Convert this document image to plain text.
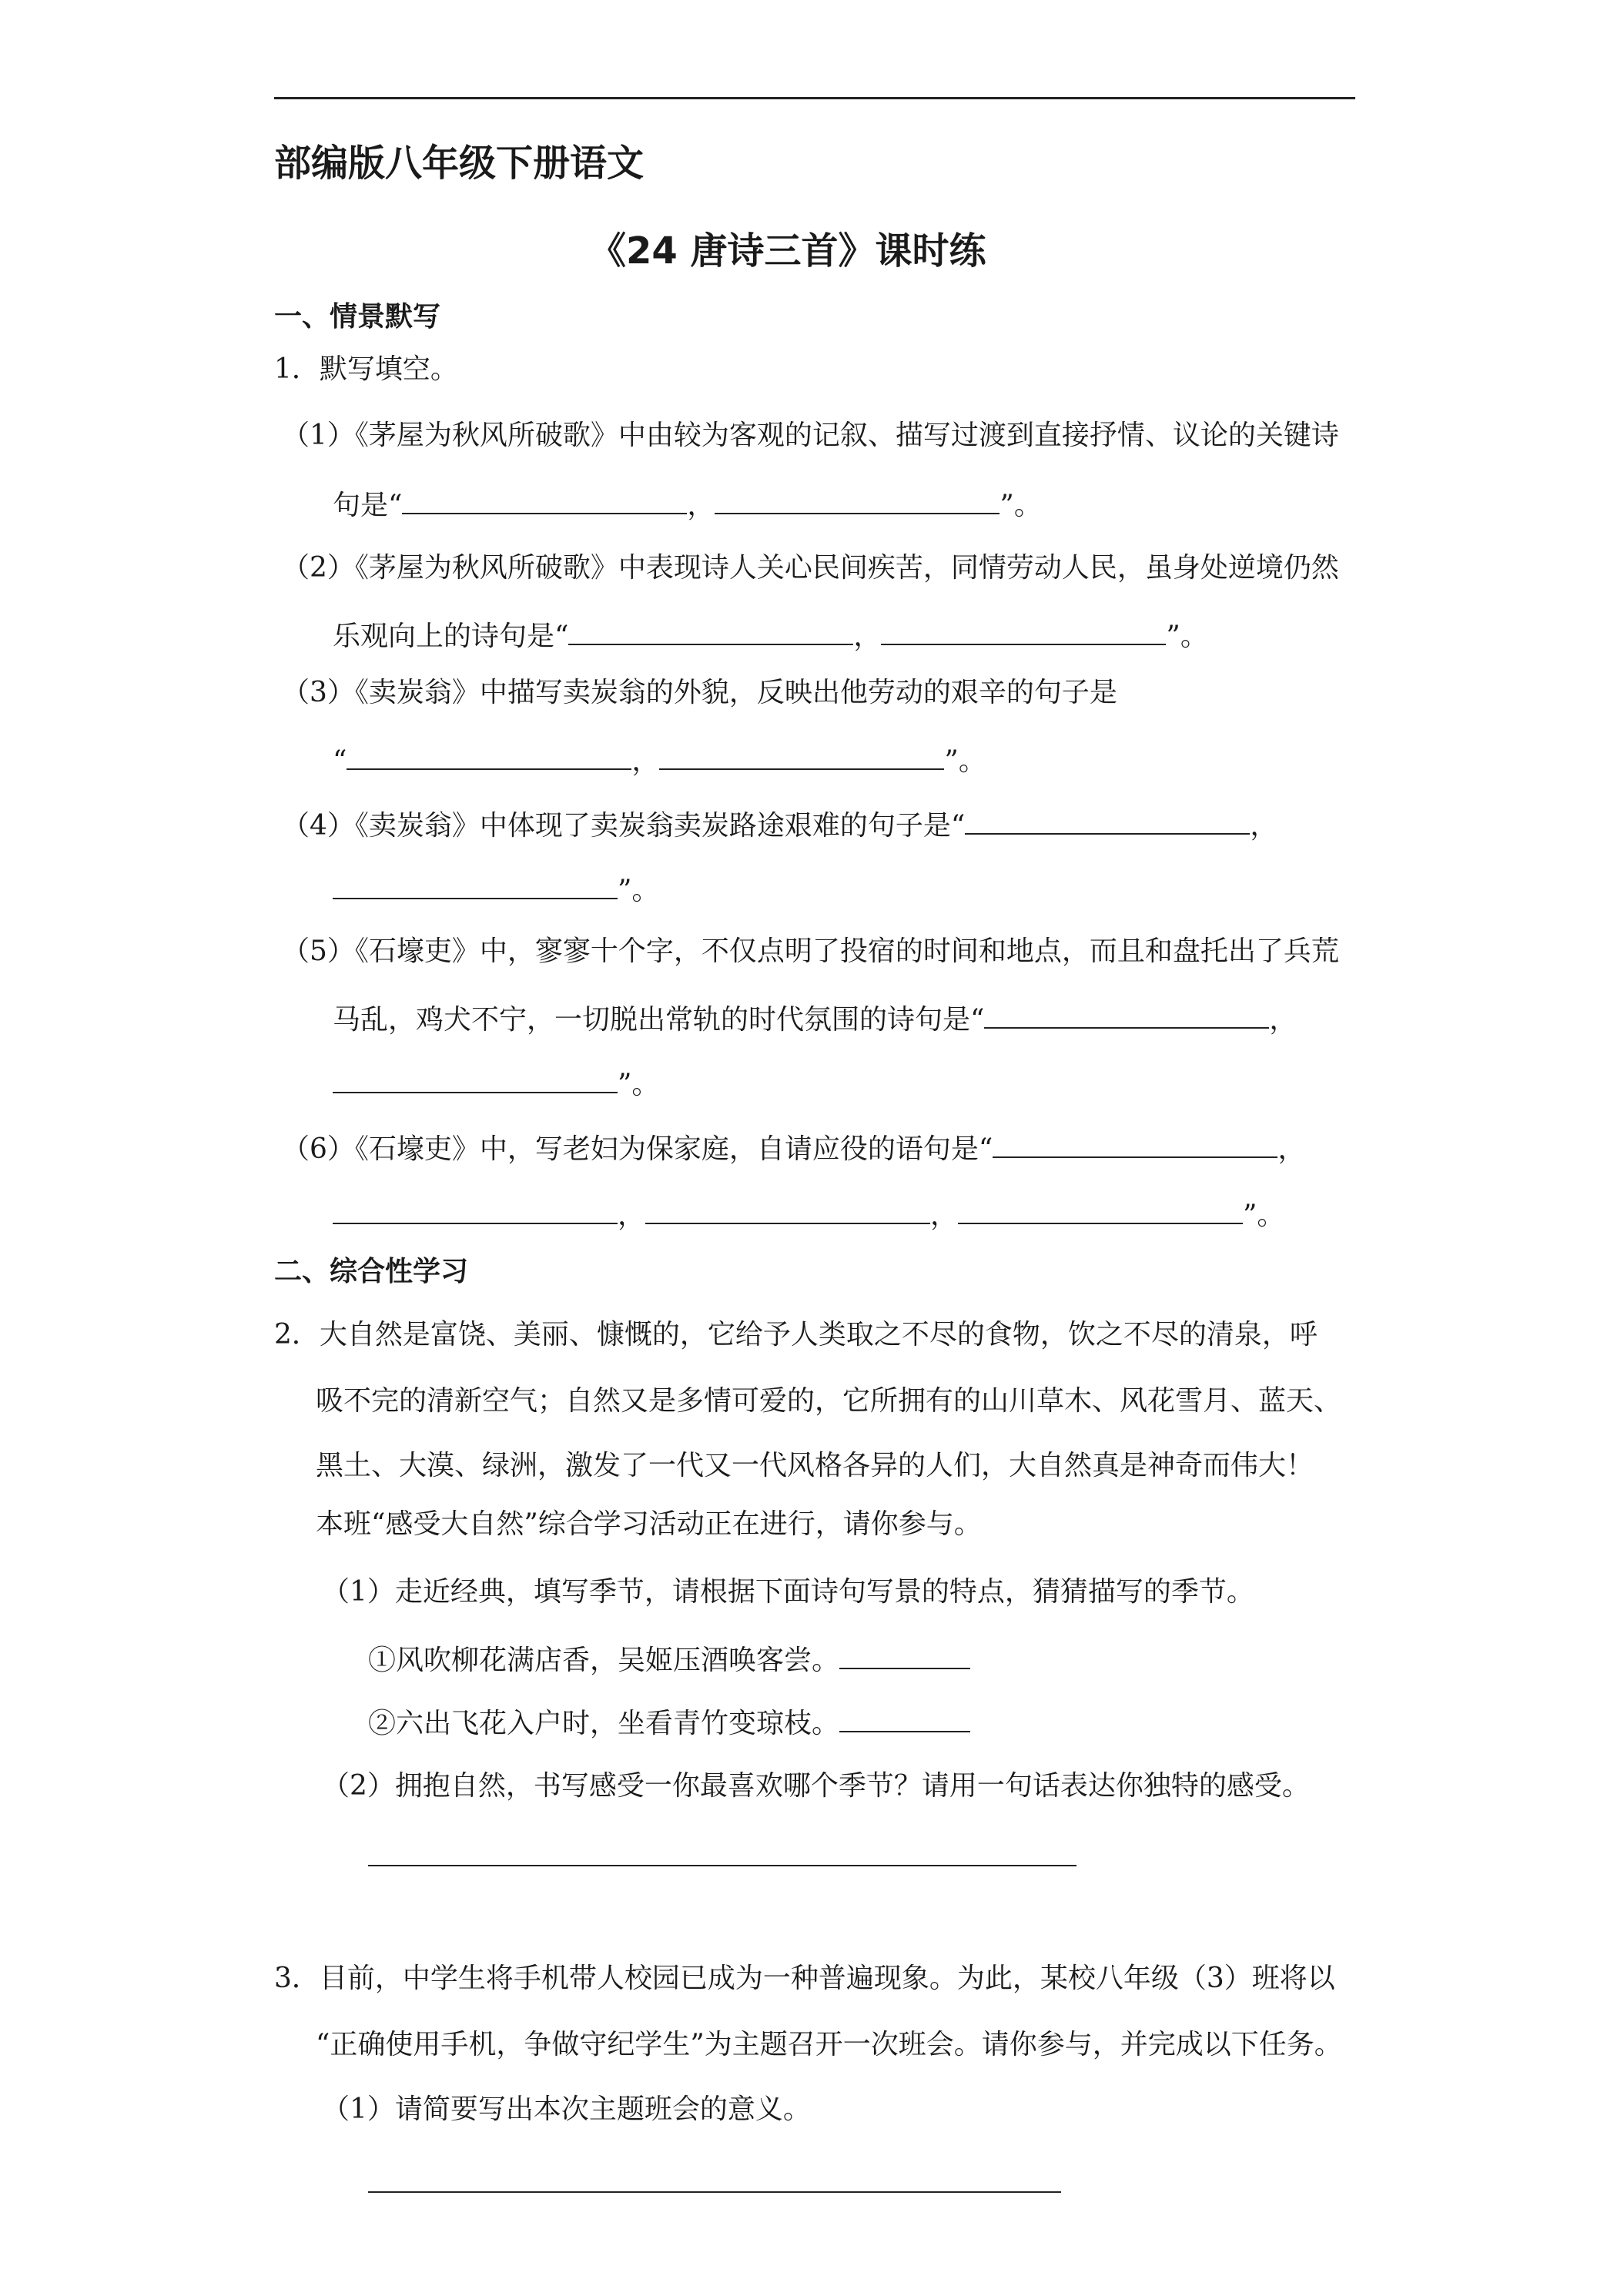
部编版八年级下册语文
《24 唐诗三首》课时练
一、情景默写
1．默写填空。
（1）《茅屋为秋风所破歌》中由较为客观的记叙、描写过渡到直接抒情、议论的关键诗
句是“	，	”。
（2）《茅屋为秋风所破歌》中表现诗人关心民间疾苦，同情劳动人民，虽身处逆境仍然
乐观向上的诗句是“	，	”。
（3）《卖炭翁》中描写卖炭翁的外貌，反映出他劳动的艰辛的句子是
“	，	”。
（4）《卖炭翁》中体现了卖炭翁卖炭路途艰难的句子是“	，
”。
（5）《石壕吏》中，寥寥十个字，不仅点明了投宿的时间和地点，而且和盘托出了兵荒
马乱，鸡犬不宁，一切脱出常轨的时代氛围的诗句是“	，
”。
（6）《石壕吏》中，写老妇为保家庭，自请应役的语句是“	，
，	，	”。
二、综合性学习
2．大自然是富饶、美丽、慷慨的，它给予人类取之不尽的食物，饮之不尽的清泉，呼
吸不完的清新空气；自然又是多情可爱的，它所拥有的山川草木、风花雪月、蓝天、
黑土、大漠、绿洲，激发了一代又一代风格各异的人们，大自然真是神奇而伟大！
本班“感受大自然”综合学习活动正在进行，请你参与。
（1）走近经典，填写季节，请根据下面诗句写景的特点，猜猜描写的季节。
①风吹柳花满店香，吴姬压酒唤客尝。
②六出飞花入户时，坐看青竹变琼枝。
（2）拥抱自然，书写感受一你最喜欢哪个季节？请用一句话表达你独特的感受。
3．目前，中学生将手机带人校园已成为一种普遍现象。为此，某校八年级（3）班将以
“正确使用手机，争做守纪学生”为主题召开一次班会。请你参与，并完成以下任务。
（1）请简要写出本次主题班会的意义。
